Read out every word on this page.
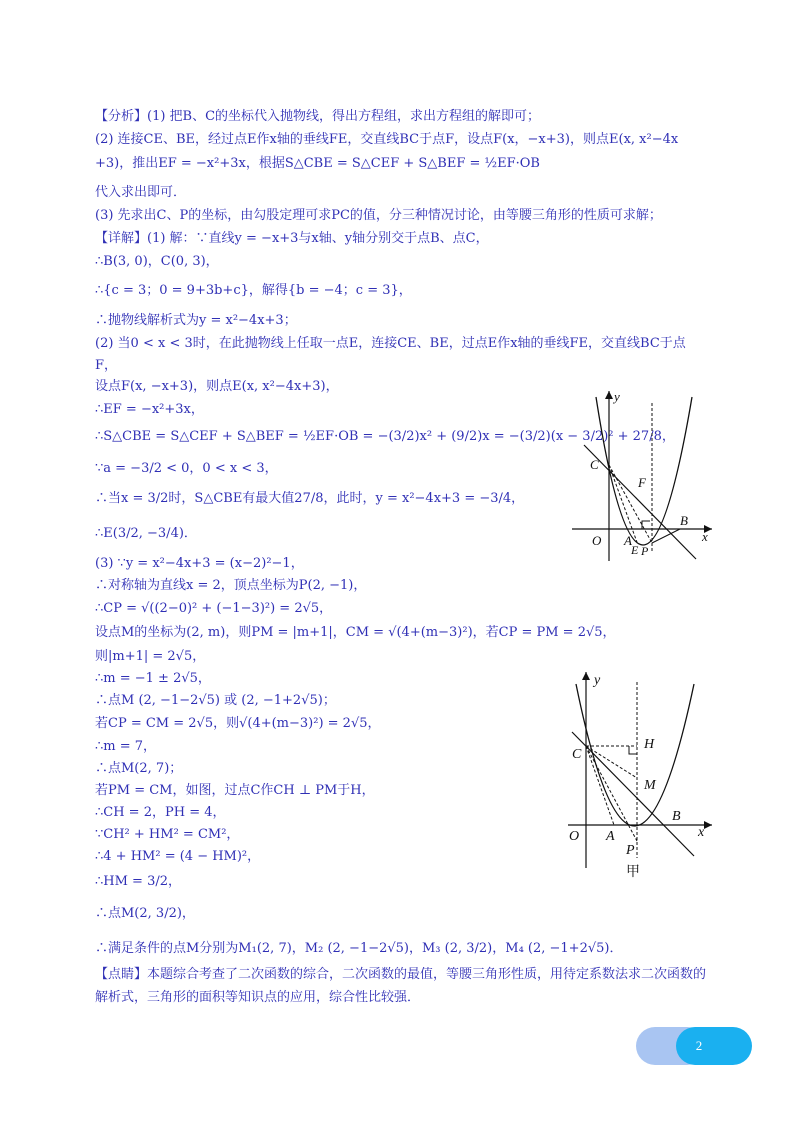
【分析】(1) 把B、C的坐标代入抛物线，得出方程组，求出方程组的解即可；
(2) 连接CE、BE，经过点E作x轴的垂线FE，交直线BC于点F，设点F(x，−x+3)，则点E(x, x²−4x
+3)，推出EF = −x²+3x，根据S△CBE = S△CEF + S△BEF = ½EF·OB
代入求出即可．
(3) 先求出C、P的坐标，由勾股定理可求PC的值，分三种情况讨论，由等腰三角形的性质可求解；
【详解】(1) 解：∵直线y = −x+3与x轴、y轴分别交于点B、点C，
∴B(3, 0)，C(0, 3)，
∴{c = 3；0 = 9+3b+c}，解得{b = −4；c = 3}，
∴抛物线解析式为y = x²−4x+3；
(2) 当0 < x < 3时，在此抛物线上任取一点E，连接CE、BE，过点E作x轴的垂线FE，交直线BC于点
F，
设点F(x, −x+3)，则点E(x, x²−4x+3)，
∴EF = −x²+3x，
∴S△CBE = S△CEF + S△BEF = ½EF·OB = −(3/2)x² + (9/2)x = −(3/2)(x − 3/2)² + 27/8，
∵a = −3/2 < 0，0 < x < 3，
∴当x = 3/2时，S△CBE有最大值27/8，此时，y = x²−4x+3 = −3/4，
∴E(3/2, −3/4)．
(3) ∵y = x²−4x+3 = (x−2)²−1，
∴对称轴为直线x = 2，顶点坐标为P(2, −1)，
∴CP = √((2−0)² + (−1−3)²) = 2√5，
设点M的坐标为(2, m)，则PM = |m+1|，CM = √(4+(m−3)²)，若CP = PM = 2√5，
则|m+1| = 2√5，
∴m = −1 ± 2√5，
∴点M (2, −1−2√5) 或 (2, −1+2√5)；
若CP = CM = 2√5，则√(4+(m−3)²) = 2√5，
∴m = 7，
∴点M(2, 7)；
若PM = CM，如图，过点C作CH ⊥ PM于H，
∴CH = 2，PH = 4，
∵CH² + HM² = CM²，
∴4 + HM² = (4 − HM)²，
∴HM = 3/2，
∴点M(2, 3/2)，
∴满足条件的点M分别为M₁(2, 7)，M₂ (2, −1−2√5)，M₃ (2, 3/2)，M₄ (2, −1+2√5)．
【点睛】本题综合考查了二次函数的综合，二次函数的最值，等腰三角形性质，用待定系数法求二次函数的
解析式，三角形的面积等知识点的应用，综合性比较强．
y
x
O A
B
C
E
F
P
y
x
O A
B
C
H
M
P
甲
2
